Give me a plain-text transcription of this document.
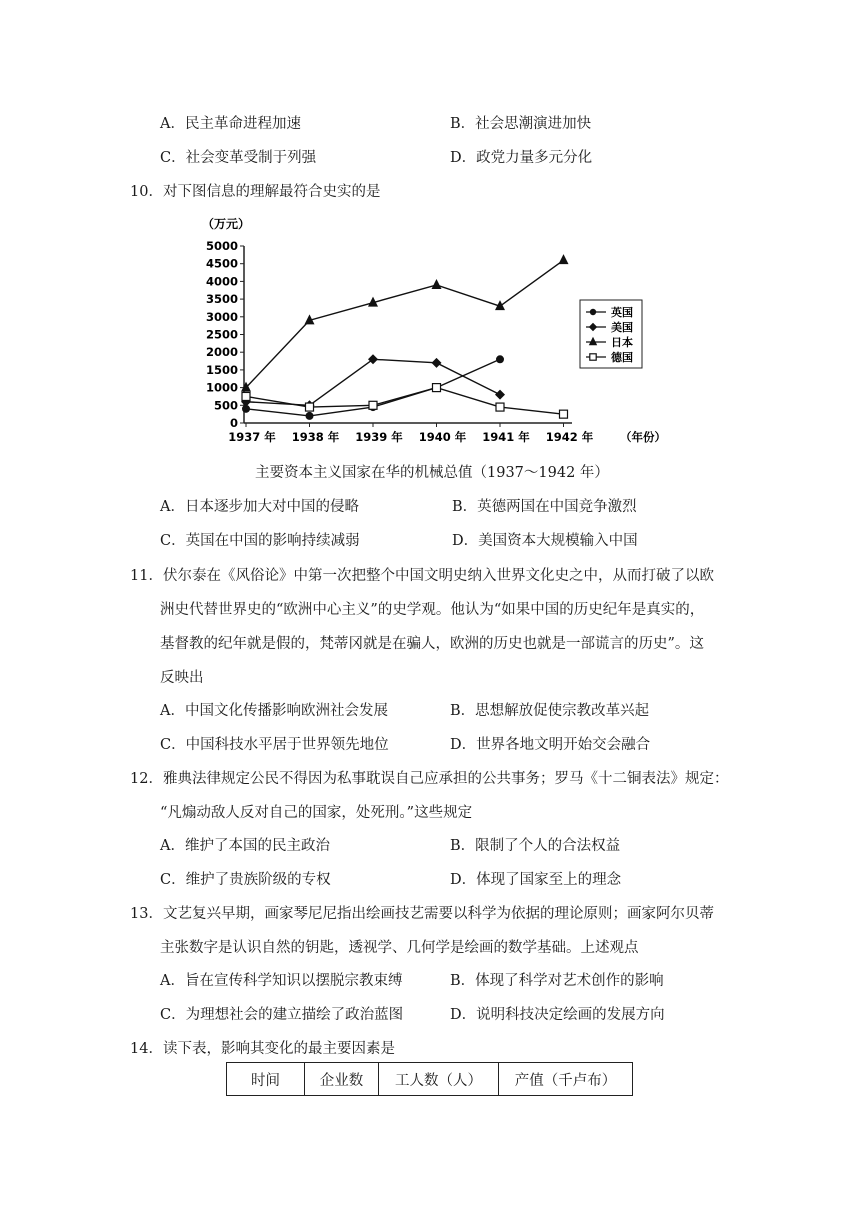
A．民主革命进程加速	B．社会思潮演进加快
C．社会变革受制于列强	D．政党力量多元分化
10．对下图信息的理解最符合史实的是
（万元）
0
500
1000
1500
2000
2500
3000
3500
4000
4500
5000
1937 年 1938 年 1939 年 1940 年 1941 年 1942 年 （年份）
英国
美国
日本
德国
主要资本主义国家在华的机械总值（1937～1942 年）
A．日本逐步加大对中国的侵略	B．英德两国在中国竞争激烈
C．英国在中国的影响持续减弱	D．美国资本大规模输入中国
11．伏尔泰在《风俗论》中第一次把整个中国文明史纳入世界文化史之中，从而打破了以欧
洲史代替世界史的“欧洲中心主义”的史学观。他认为“如果中国的历史纪年是真实的，
基督教的纪年就是假的，梵蒂冈就是在骗人，欧洲的历史也就是一部谎言的历史”。这
反映出
A．中国文化传播影响欧洲社会发展	B．思想解放促使宗教改革兴起
C．中国科技水平居于世界领先地位	D．世界各地文明开始交会融合
12．雅典法律规定公民不得因为私事耽误自己应承担的公共事务；罗马《十二铜表法》规定：
“凡煽动敌人反对自己的国家，处死刑。”这些规定
A．维护了本国的民主政治	B．限制了个人的合法权益
C．维护了贵族阶级的专权	D．体现了国家至上的理念
13．文艺复兴早期，画家琴尼尼指出绘画技艺需要以科学为依据的理论原则；画家阿尔贝蒂
主张数字是认识自然的钥匙，透视学、几何学是绘画的数学基础。上述观点
A．旨在宣传科学知识以摆脱宗教束缚	B．体现了科学对艺术创作的影响
C．为理想社会的建立描绘了政治蓝图	D．说明科技决定绘画的发展方向
14．读下表，影响其变化的最主要因素是
时间	企业数	工人数（人）	产值（千卢布）
